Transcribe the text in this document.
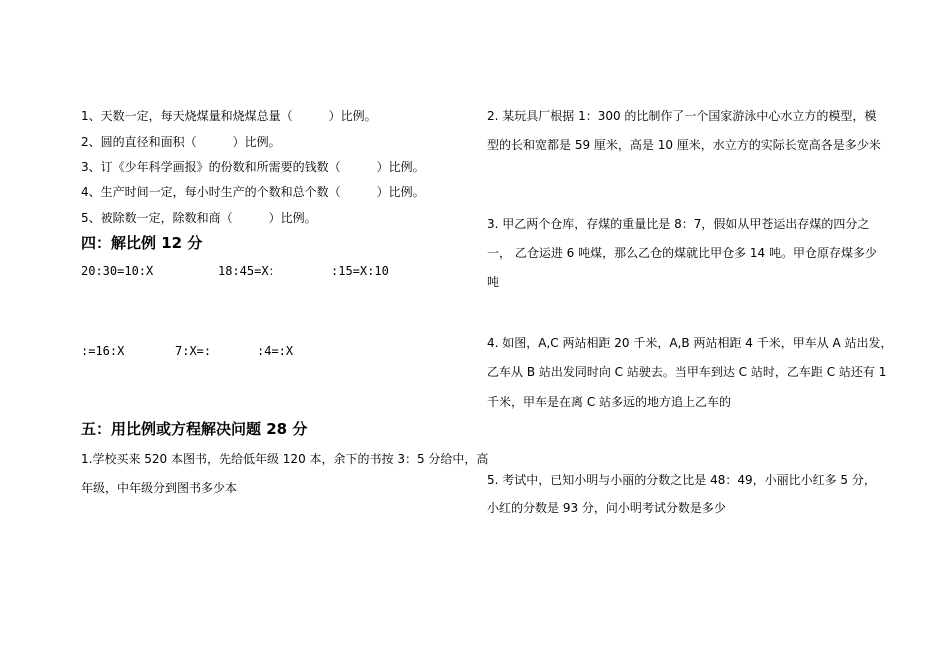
1、天数一定，每天烧煤量和烧煤总量（　　　）比例。
2、圆的直径和面积（　　　）比例。
3、订《少年科学画报》的份数和所需要的钱数（　　　）比例。
4、生产时间一定，每小时生产的个数和总个数（　　　）比例。
5、被除数一定，除数和商（　　　）比例。
四：解比例 12 分
20:30=10:X	18:45=X：	:15=X:10
:=16:X	7:X=:	:4=:X
五：用比例或方程解决问题 28 分
1.学校买来 520 本图书，先给低年级 120 本，余下的书按 3：5 分给中，高
年级，中年级分到图书多少本
2. 某玩具厂根据 1：300 的比制作了一个国家游泳中心水立方的模型，模
型的长和宽都是 59 厘米，高是 10 厘米，水立方的实际长宽高各是多少米
3. 甲乙两个仓库，存煤的重量比是 8：7，假如从甲苍运出存煤的四分之
一， 乙仓运进 6 吨煤，那么乙仓的煤就比甲仓多 14 吨。甲仓原存煤多少
吨
4. 如图，A,C 两站相距 20 千米，A,B 两站相距 4 千米，甲车从 A 站出发，
乙车从 B 站出发同时向 C 站驶去。当甲车到达 C 站时，乙车距 C 站还有 1
千米，甲车是在离 C 站多远的地方追上乙车的
5. 考试中，已知小明与小丽的分数之比是 48：49，小丽比小红多 5 分，
小红的分数是 93 分，问小明考试分数是多少
